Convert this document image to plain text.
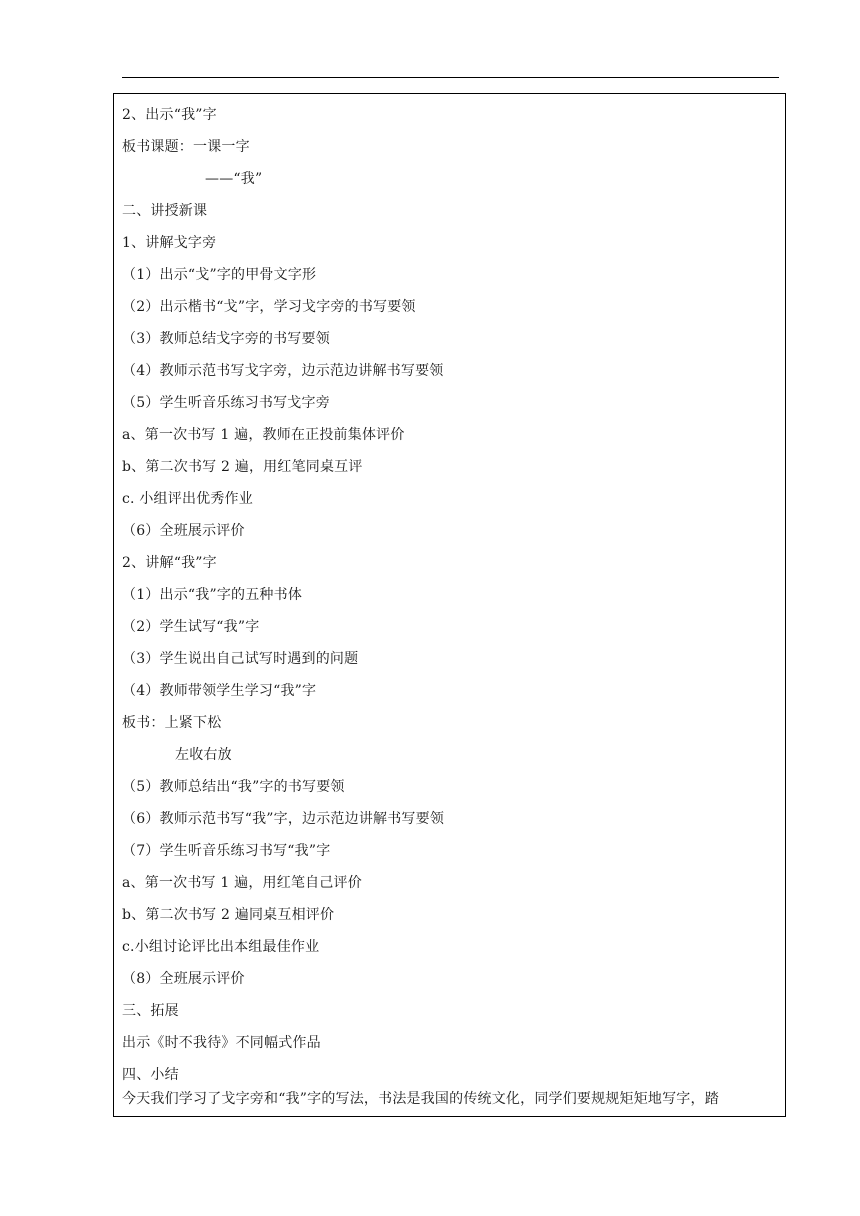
2、出示“我”字
板书课题：一课一字
——“我”
二、讲授新课
1、讲解戈字旁
（1）出示“戈”字的甲骨文字形
（2）出示楷书“戈”字，学习戈字旁的书写要领
（3）教师总结戈字旁的书写要领
（4）教师示范书写戈字旁，边示范边讲解书写要领
（5）学生听音乐练习书写戈字旁
a、第一次书写 1 遍，教师在正投前集体评价
b、第二次书写 2 遍，用红笔同桌互评
c. 小组评出优秀作业
（6）全班展示评价
2、讲解“我”字
（1）出示“我”字的五种书体
（2）学生试写“我”字
（3）学生说出自己试写时遇到的问题
（4）教师带领学生学习“我”字
板书：上紧下松
左收右放
（5）教师总结出“我”字的书写要领
（6）教师示范书写“我”字，边示范边讲解书写要领
（7）学生听音乐练习书写“我”字
a、第一次书写 1 遍，用红笔自己评价
b、第二次书写 2 遍同桌互相评价
c.小组讨论评比出本组最佳作业
（8）全班展示评价
三、拓展
出示《时不我待》不同幅式作品
四、小结
今天我们学习了戈字旁和“我”字的写法，书法是我国的传统文化，同学们要规规矩矩地写字，踏
